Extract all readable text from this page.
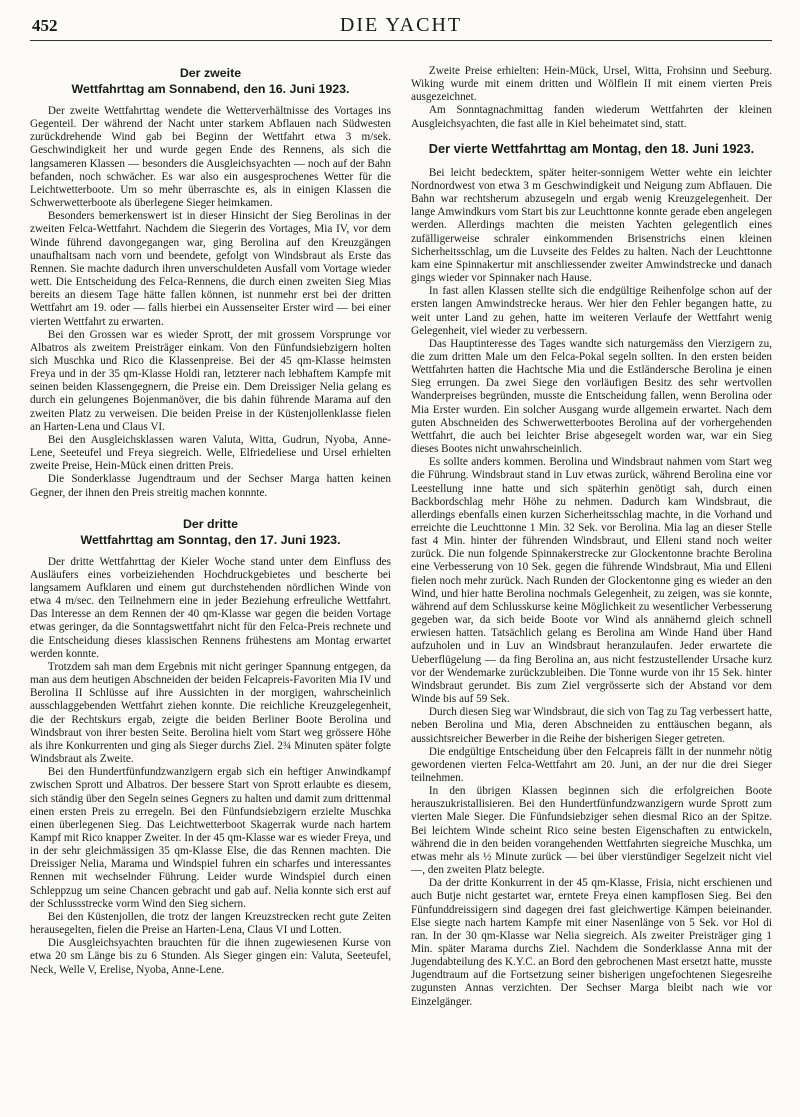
452	DIE YACHT
Der zweite
Wettfahrttag am Sonnabend, den 16. Juni 1923.

Der zweite Wettfahrttag wendete die Wetterverhältnisse des Vortages ins Gegenteil. Der während der Nacht unter starkem Abflauen nach Südwesten zurückdrehende Wind gab bei Beginn der Wettfahrt etwa 3 m/sek. Geschwindigkeit her und wurde gegen Ende des Rennens, als sich die langsameren Klassen — besonders die Ausgleichsyachten — noch auf der Bahn befanden, noch schwächer. Es war also ein ausgesprochenes Wetter für die Leichtwetterboote. Um so mehr überraschte es, als in einigen Klassen die Schwerwetterboote als überlegene Sieger heimkamen.

Besonders bemerkenswert ist in dieser Hinsicht der Sieg Berolinas in der zweiten Felca-Wettfahrt. Nachdem die Siegerin des Vortages, Mia IV, vor dem Winde führend davongegangen war, ging Berolina auf den Kreuzgängen unaufhaltsam nach vorn und beendete, gefolgt von Windsbraut als Erste das Rennen. Sie machte dadurch ihren unverschuldeten Ausfall vom Vortage wieder wett. Die Entscheidung des Felca-Rennens, die durch einen zweiten Sieg Mias bereits an diesem Tage hätte fallen können, ist nunmehr erst bei der dritten Wettfahrt am 19. oder — falls hierbei ein Aussenseiter Erster wird — bei einer vierten Wettfahrt zu erwarten.

Bei den Grossen war es wieder Sprott, der mit grossem Vorsprunge vor Albatros als zweitem Preisträger einkam. Von den Fünfundsiebzigern holten sich Muschka und Rico die Klassenpreise. Bei der 45 qm-Klasse heimsten Freya und in der 35 qm-Klasse Holdi ran, letzterer nach lebhaftem Kampfe mit seinen beiden Klassengegnern, die Preise ein. Dem Dreissiger Nelia gelang es durch ein gelungenes Bojenmanöver, die bis dahin führende Marama auf den zweiten Platz zu verweisen. Die beiden Preise in der Küstenjollenklasse fielen an Harten-Lena und Claus VI.

Bei den Ausgleichsklassen waren Valuta, Witta, Gudrun, Nyoba, Anne-Lene, Seeteufel und Freya siegreich. Welle, Elfriedeliese und Ursel erhielten zweite Preise, Hein-Mück einen dritten Preis.

Die Sonderklasse Jugendtraum und der Sechser Marga hatten keinen Gegner, der ihnen den Preis streitig machen konnnte.

Der dritte
Wettfahrttag am Sonntag, den 17. Juni 1923.

Der dritte Wettfahrttag der Kieler Woche stand unter dem Einfluss des Ausläufers eines vorbeiziehenden Hochdruckgebietes und bescherte bei langsamem Aufklaren und einem gut durchstehenden nördlichen Winde von etwa 4 m/sec. den Teilnehmern eine in jeder Beziehung erfreuliche Wettfahrt. Das Interesse an dem Rennen der 40 qm-Klasse war gegen die beiden Vortage etwas geringer, da die Sonntagswettfahrt nicht für den Felca-Preis rechnete und die Entscheidung dieses klassischen Rennens frühestens am Montag erwartet werden konnte.

Trotzdem sah man dem Ergebnis mit nicht geringer Spannung entgegen, da man aus dem heutigen Abschneiden der beiden Felcapreis-Favoriten Mia IV und Berolina II Schlüsse auf ihre Aussichten in der morgigen, wahrscheinlich ausschlaggebenden Wettfahrt ziehen konnte. Die reichliche Kreuzgelegenheit, die der Rechtskurs ergab, zeigte die beiden Berliner Boote Berolina und Windsbraut von ihrer besten Seite. Berolina hielt vom Start weg grössere Höhe als ihre Konkurrenten und ging als Sieger durchs Ziel. 2¾ Minuten später folgte Windsbraut als Zweite.

Bei den Hundertfünfundzwanzigern ergab sich ein heftiger Anwindkampf zwischen Sprott und Albatros. Der bessere Start von Sprott erlaubte es diesem, sich ständig über den Segeln seines Gegners zu halten und damit zum drittenmal einen ersten Preis zu erregeln. Bei den Fünfundsiebzigern erzielte Muschka einen überlegenen Sieg. Das Leichtwetterboot Skagerrak wurde nach hartem Kampf mit Rico knapper Zweiter. In der 45 qm-Klasse war es wieder Freya, und in der sehr gleichmässigen 35 qm-Klasse Else, die das Rennen machten. Die Dreissiger Nelia, Marama und Windspiel fuhren ein scharfes und interessantes Rennen mit wechselnder Führung. Leider wurde Windspiel durch einen Schleppzug um seine Chancen gebracht und gab auf. Nelia konnte sich erst auf der Schlussstrecke vorm Wind den Sieg sichern.

Bei den Küstenjollen, die trotz der langen Kreuzstrecken recht gute Zeiten herausegelten, fielen die Preise an Harten-Lena, Claus VI und Lotten.

Die Ausgleichsyachten brauchten für die ihnen zugewiesenen Kurse von etwa 20 sm Länge bis zu 6 Stunden. Als Sieger gingen ein: Valuta, Seeteufel, Neck, Welle V, Erelise, Nyoba, Anne-Lene.

Zweite Preise erhielten: Hein-Mück, Ursel, Witta, Frohsinn und Seeburg. Wiking wurde mit einem dritten und Wölflein II mit einem vierten Preis ausgezeichnet.

Am Sonntagnachmittag fanden wiederum Wettfahrten der kleinen Ausgleichsyachten, die fast alle in Kiel beheimatet sind, statt.

Der vierte Wettfahrttag am Montag, den 18. Juni 1923.

Bei leicht bedecktem, später heiter-sonnigem Wetter wehte ein leichter Nordnordwest von etwa 3 m Geschwindigkeit und Neigung zum Abflauen. Die Bahn war rechtsherum abzusegeln und ergab wenig Kreuzgelegenheit. Der lange Amwindkurs vom Start bis zur Leuchttonne konnte gerade eben angelegen werden. Allerdings machten die meisten Yachten gelegentlich eines zufälligerweise schraler einkommenden Brisenstrichs einen kleinen Sicherheitsschlag, um die Luvseite des Feldes zu halten. Nach der Leuchttonne kam eine Spinnakertur mit anschliessender zweiter Amwindstrecke und danach gings wieder vor Spinnaker nach Hause.

In fast allen Klassen stellte sich die endgültige Reihenfolge schon auf der ersten langen Amwindstrecke heraus. Wer hier den Fehler begangen hatte, zu weit unter Land zu gehen, hatte im weiteren Verlaufe der Wettfahrt wenig Gelegenheit, viel wieder zu verbessern.

Das Hauptinteresse des Tages wandte sich naturgemäss den Vierzigern zu, die zum dritten Male um den Felca-Pokal segeln sollten. In den ersten beiden Wettfahrten hatten die Hachtsche Mia und die Estländersche Berolina je einen Sieg errungen. Da zwei Siege den vorläufigen Besitz des sehr wertvollen Wanderpreises begründen, musste die Entscheidung fallen, wenn Berolina oder Mia Erster wurden. Ein solcher Ausgang wurde allgemein erwartet. Nach dem guten Abschneiden des Schwerwetterbootes Berolina auf der vorhergehenden Wettfahrt, die auch bei leichter Brise abgesegelt worden war, war ein Sieg dieses Bootes nicht unwahrscheinlich.

Es sollte anders kommen. Berolina und Windsbraut nahmen vom Start weg die Führung. Windsbraut stand in Luv etwas zurück, während Berolina eine vor Leestellung inne hatte und sich späterhin genötigt sah, durch einen Backbordschlag mehr Höhe zu nehmen. Dadurch kam Windsbraut, die allerdings ebenfalls einen kurzen Sicherheitsschlag machte, in die Vorhand und erreichte die Leuchttonne 1 Min. 32 Sek. vor Berolina. Mia lag an dieser Stelle fast 4 Min. hinter der führenden Windsbraut, und Elleni stand noch weiter zurück. Die nun folgende Spinnakerstrecke zur Glockentonne brachte Berolina eine Verbesserung von 10 Sek. gegen die führende Windsbraut, Mia und Elleni fielen noch mehr zurück. Nach Runden der Glockentonne ging es wieder an den Wind, und hier hatte Berolina nochmals Gelegenheit, zu zeigen, was sie konnte, während auf dem Schlusskurse keine Möglichkeit zu wesentlicher Verbesserung gegeben war, da sich beide Boote vor Wind als annähernd gleich schnell erwiesen hatten. Tatsächlich gelang es Berolina am Winde Hand über Hand aufzuholen und in Luv an Windsbraut heranzulaufen. Jeder erwartete die Ueberflügelung — da fing Berolina an, aus nicht festzustellender Ursache kurz vor der Wendemarke zurückzubleiben. Die Tonne wurde von ihr 15 Sek. hinter Windsbraut gerundet. Bis zum Ziel vergrösserte sich der Abstand vor dem Winde bis auf 59 Sek.

Durch diesen Sieg war Windsbraut, die sich von Tag zu Tag verbessert hatte, neben Berolina und Mia, deren Abschneiden zu enttäuschen begann, als aussichtsreicher Bewerber in die Reihe der bisherigen Sieger getreten.

Die endgültige Entscheidung über den Felcapreis fällt in der nunmehr nötig gewordenen vierten Felca-Wettfahrt am 20. Juni, an der nur die drei Sieger teilnehmen.

In den übrigen Klassen beginnen sich die erfolgreichen Boote herauszukristallisieren. Bei den Hundertfünfundzwanzigern wurde Sprott zum vierten Male Sieger. Die Fünfundsiebziger sehen diesmal Rico an der Spitze. Bei leichtem Winde scheint Rico seine besten Eigenschaften zu entwickeln, während die in den beiden vorangehenden Wettfahrten siegreiche Muschka, um etwas mehr als ½ Minute zurück — bei über vierstündiger Segelzeit nicht viel —, den zweiten Platz belegte.

Da der dritte Konkurrent in der 45 qm-Klasse, Frisia, nicht erschienen und auch Butje nicht gestartet war, erntete Freya einen kampflosen Sieg. Bei den Fünfunddreissigern sind dagegen drei fast gleichwertige Kämpen beieinander. Else siegte nach hartem Kampfe mit einer Nasenlänge von 5 Sek. vor Hol di ran. In der 30 qm-Klasse war Nelia siegreich. Als zweiter Preisträger ging 1 Min. später Marama durchs Ziel. Nachdem die Sonderklasse Anna mit der Jugendabteilung des K.Y.C. an Bord den gebrochenen Mast ersetzt hatte, musste Jugendtraum auf die Fortsetzung seiner bisherigen ungefochtenen Siegesreihe zugunsten Annas verzichten. Der Sechser Marga bleibt nach wie vor Einzelgänger.
